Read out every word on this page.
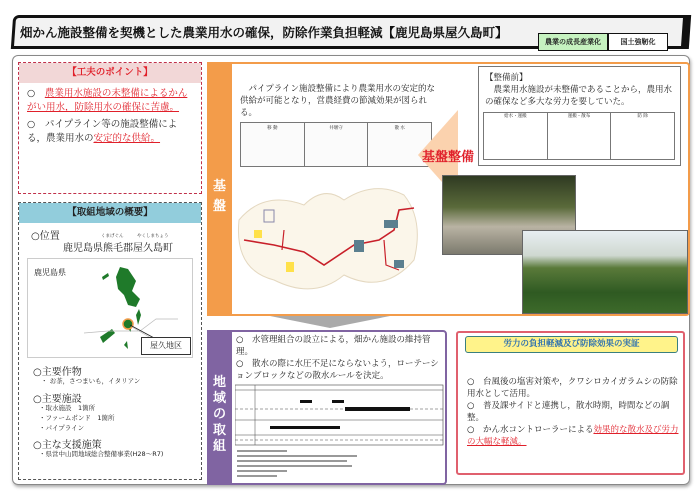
畑かん施設整備を契機とした農業用水の確保，防除作業負担軽減【鹿児島県屋久島町】
農業の成長産業化	国土強靭化
【工夫のポイント】
○　 農業用水施設の未整備によるかんがい用水，防除用水の確保に苦慮。
○　 パイプライン等の施設整備による，農業用水の安定的な供給。
【取組地域の概要】
○位置	くまげぐん	やくしまちょう
鹿児島県熊毛郡屋久島町
鹿児島県
屋久地区
○主要作物
・ お茶，さつまいも，イタリアン
○主要施設
・取水施設　1箇所
・ファームポンド　1箇所
・パイプライン
○主な支援施策
・県営中山間地域総合整備事業(H28～R7)
基盤
パイプライン施設整備により農業用水の安定的な供給が可能となり，営農経費の節減効果が図られる。
移 動	井堰守	散 水
基盤整備
【整備前】
農業用水施設が未整備であることから，農用水の確保など多大な労力を要していた。
給水・運搬	運搬・散布	防 除
地域の取組
○　 水管理組合の設立による，畑かん施設の維持管理。
○　 散水の際に水圧不足にならないよう，ローテーションブロックなどの散水ルールを決定。
労力の負担軽減及び防除効果の実証
○　 台風後の塩害対策や，クワシロカイガラムシの防除用水として活用。
○　 普及課サイドと連携し，散水時期，時間などの調整。
○　 かん水コントローラーによる効果的な散水及び労力の大幅な軽減。
